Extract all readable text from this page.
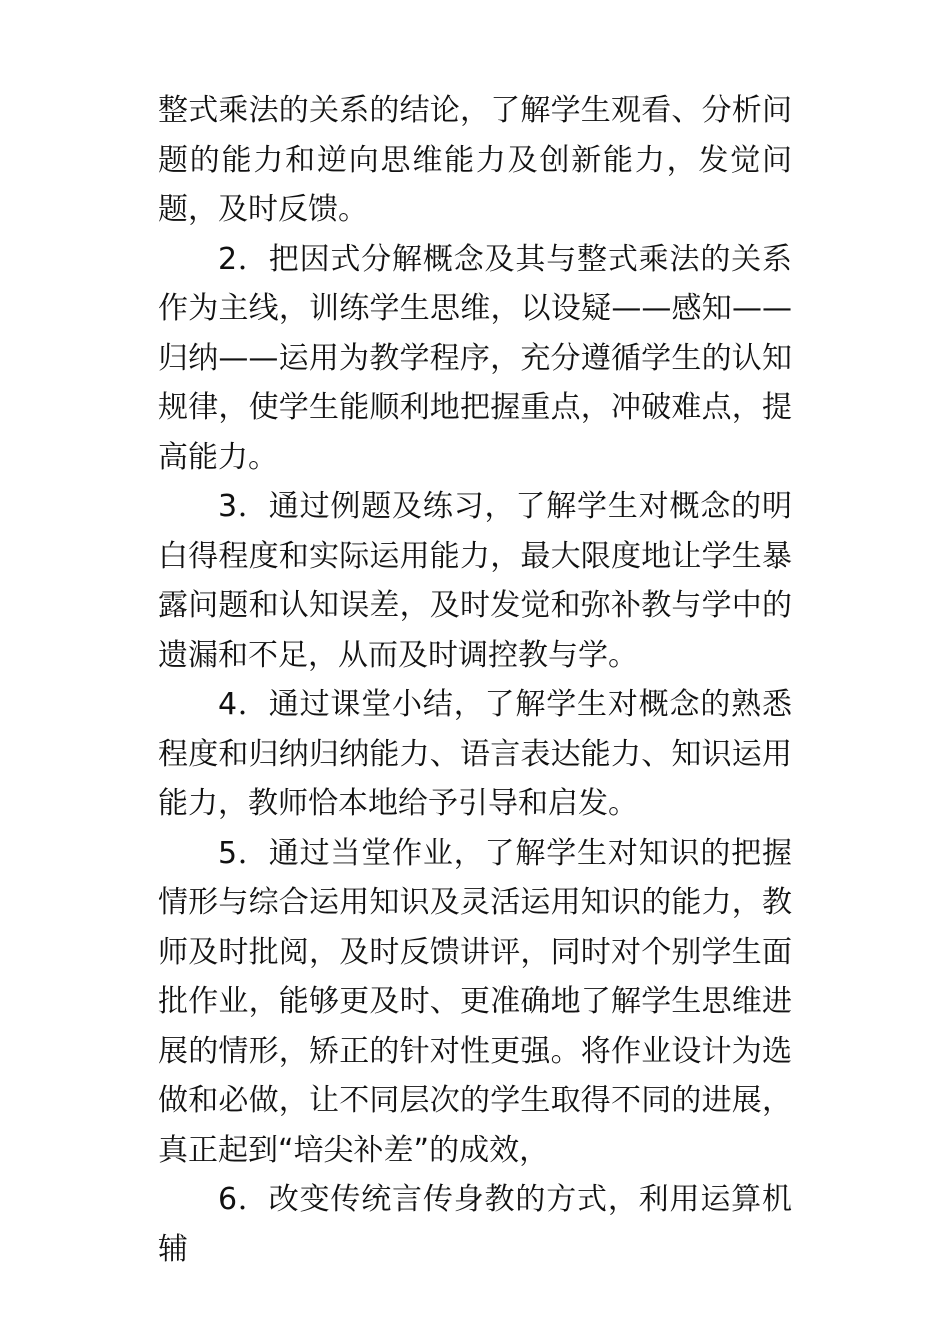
整式乘法的关系的结论，了解学生观看、分析问题的能力和逆向思维能力及创新能力，发觉问题，及时反馈。

2．把因式分解概念及其与整式乘法的关系作为主线，训练学生思维，以设疑——感知——归纳——运用为教学程序，充分遵循学生的认知规律，使学生能顺利地把握重点，冲破难点，提高能力。

3．通过例题及练习，了解学生对概念的明白得程度和实际运用能力，最大限度地让学生暴露问题和认知误差，及时发觉和弥补教与学中的遗漏和不足，从而及时调控教与学。

4．通过课堂小结，了解学生对概念的熟悉程度和归纳归纳能力、语言表达能力、知识运用能力，教师恰本地给予引导和启发。

5．通过当堂作业，了解学生对知识的把握情形与综合运用知识及灵活运用知识的能力，教师及时批阅，及时反馈讲评，同时对个别学生面批作业，能够更及时、更准确地了解学生思维进展的情形，矫正的针对性更强。将作业设计为选做和必做，让不同层次的学生取得不同的进展，真正起到“培尖补差”的成效，

6．改变传统言传身教的方式，利用运算机辅
